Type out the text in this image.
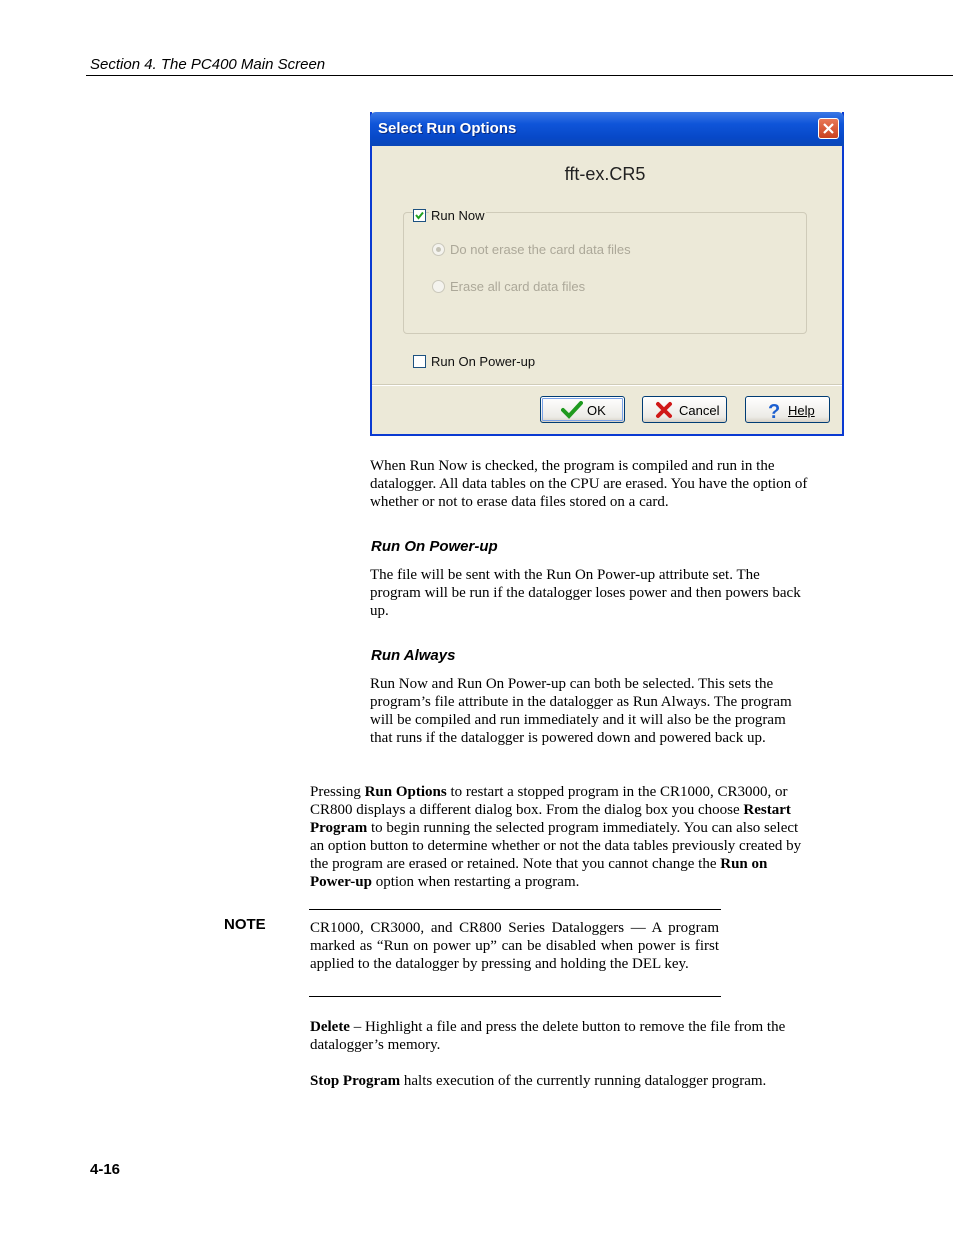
Section 4. The PC400 Main Screen
Select Run Options
fft-ex.CR5
Run Now
Do not erase the card data files
Erase all card data files
Run On Power-up
OK	Cancel ? Help

When Run Now is checked, the program is compiled and run in the datalogger. All data tables on the CPU are erased. You have the option of whether or not to erase data files stored on a card.

Run On Power-up

The file will be sent with the Run On Power-up attribute set. The program will be run if the datalogger loses power and then powers back up.

Run Always

Run Now and Run On Power-up can both be selected. This sets the program’s file attribute in the datalogger as Run Always. The program will be compiled and run immediately and it will also be the program that runs if the datalogger is powered down and powered back up.

Pressing Run Options to restart a stopped program in the CR1000, CR3000, or CR800 displays a different dialog box. From the dialog box you choose Restart Program to begin running the selected program immediately. You can also select an option button to determine whether or not the data tables previously created by the program are erased or retained. Note that you cannot change the Run on Power-up option when restarting a program.

NOTE	CR1000, CR3000, and CR800 Series Dataloggers — A program marked as “Run on power up” can be disabled when power is first applied to the datalogger by pressing and holding the DEL key.

Delete – Highlight a file and press the delete button to remove the file from the datalogger’s memory.

Stop Program halts execution of the currently running datalogger program.

4-16
